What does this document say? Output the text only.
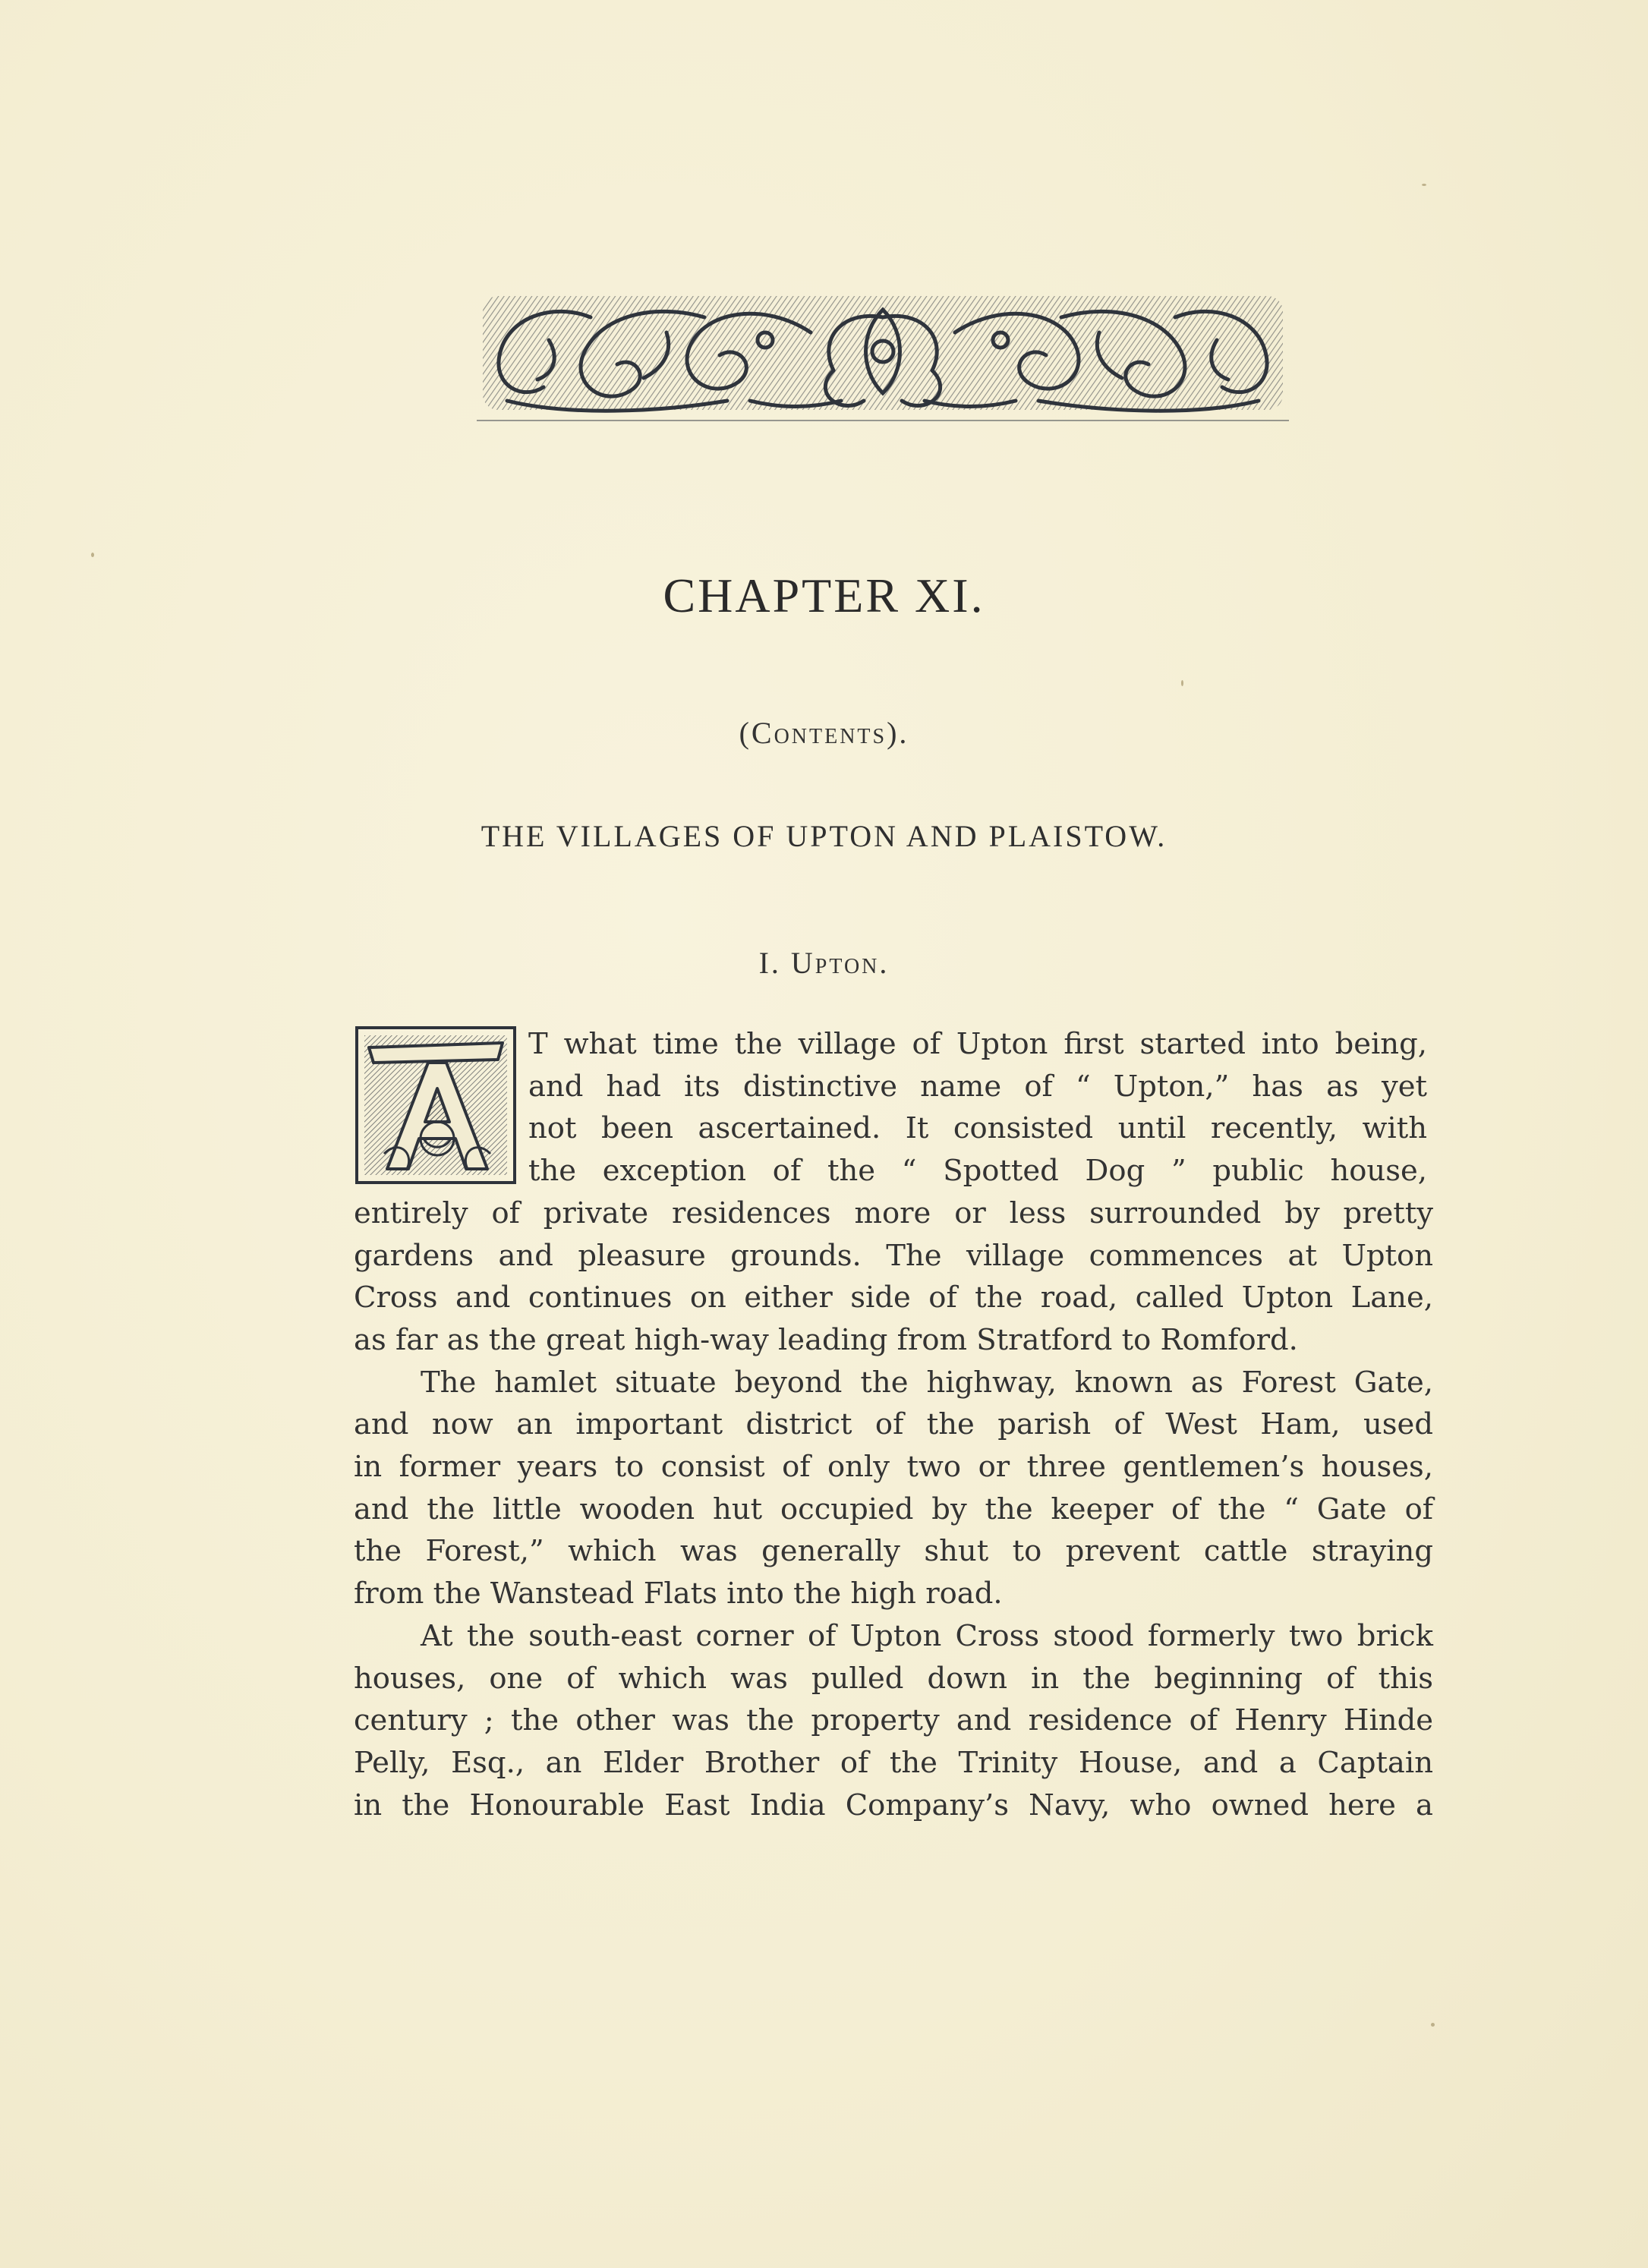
CHAPTER XI.
(Contents).
THE VILLAGES OF UPTON AND PLAISTOW.
I. Upton.
T what time the village of Upton first started into being,
and had its distinctive name of “ Upton,” has as yet
not been ascertained. It consisted until recently, with
the exception of the “ Spotted Dog ” public house,
entirely of private residences more or less surrounded by pretty
gardens and pleasure grounds. The village commences at Upton
Cross and continues on either side of the road, called Upton Lane,
as far as the great high-way leading from Stratford to Romford.
The hamlet situate beyond the highway, known as Forest Gate,
and now an important district of the parish of West Ham, used
in former years to consist of only two or three gentlemen’s houses,
and the little wooden hut occupied by the keeper of the “ Gate of
the Forest,” which was generally shut to prevent cattle straying
from the Wanstead Flats into the high road.
At the south-east corner of Upton Cross stood formerly two brick
houses, one of which was pulled down in the beginning of this
century ; the other was the property and residence of Henry Hinde
Pelly, Esq., an Elder Brother of the Trinity House, and a Captain
in the Honourable East India Company’s Navy, who owned here a
